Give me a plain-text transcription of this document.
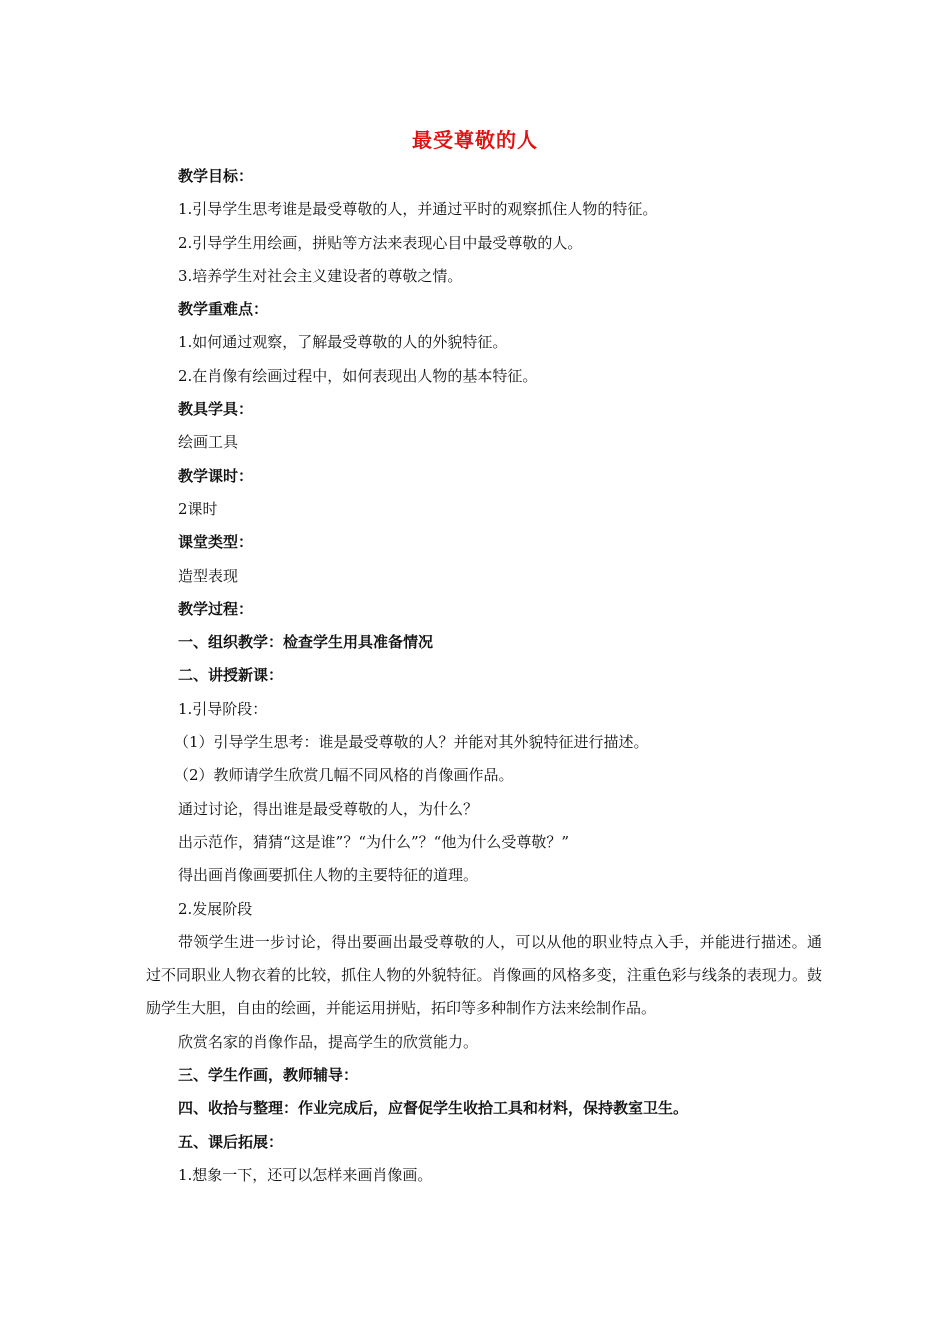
最受尊敬的人
教学目标：
1.引导学生思考谁是最受尊敬的人，并通过平时的观察抓住人物的特征。
2.引导学生用绘画，拼贴等方法来表现心目中最受尊敬的人。
3.培养学生对社会主义建设者的尊敬之情。
教学重难点：
1.如何通过观察，了解最受尊敬的人的外貌特征。
2.在肖像有绘画过程中，如何表现出人物的基本特征。
教具学具：
绘画工具
教学课时：
2课时
课堂类型：
造型表现
教学过程：
一、组织教学：检查学生用具准备情况
二、讲授新课：
1.引导阶段：
（1）引导学生思考：谁是最受尊敬的人？并能对其外貌特征进行描述。
（2）教师请学生欣赏几幅不同风格的肖像画作品。
通过讨论，得出谁是最受尊敬的人，为什么？
出示范作，猜猜“这是谁”？“为什么”？“他为什么受尊敬？”
得出画肖像画要抓住人物的主要特征的道理。
2.发展阶段

带领学生进一步讨论，得出要画出最受尊敬的人，可以从他的职业特点入手，并能进行描述。通过不同职业人物衣着的比较，抓住人物的外貌特征。肖像画的风格多变，注重色彩与线条的表现力。鼓励学生大胆，自由的绘画，并能运用拼贴，拓印等多种制作方法来绘制作品。

欣赏名家的肖像作品，提高学生的欣赏能力。
三、学生作画，教师辅导：
四、收拾与整理：作业完成后，应督促学生收拾工具和材料，保持教室卫生。
五、课后拓展：
1.想象一下，还可以怎样来画肖像画。
